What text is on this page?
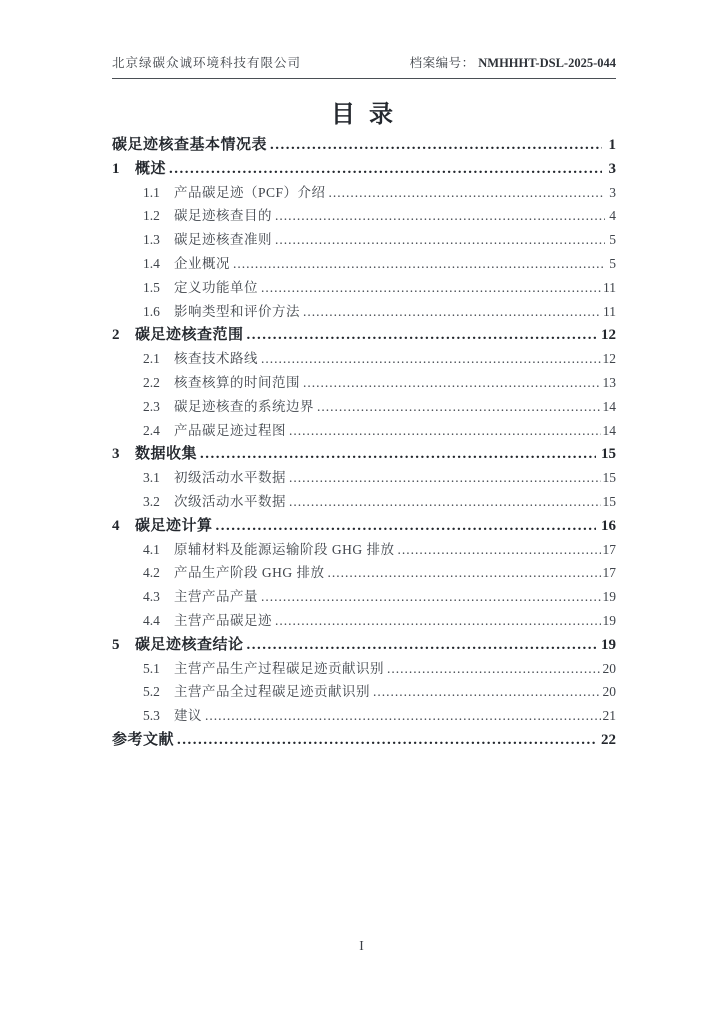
北京绿碳众诚环境科技有限公司	档案编号： NMHHHT-DSL-2025-044
目 录
碳足迹核查基本情况表 .....	1
1	概述 .....	3
1.1	产品碳足迹（PCF）介绍 .....	3
1.2	碳足迹核查目的 .....	4
1.3	碳足迹核查准则 .....	5
1.4	企业概况 .....	5
1.5	定义功能单位 .....	11
1.6	影响类型和评价方法 .....	11
2	碳足迹核查范围 .....	12
2.1	核查技术路线 .....	12
2.2	核查核算的时间范围 .....	13
2.3	碳足迹核查的系统边界 .....	14
2.4	产品碳足迹过程图 .....	14
3	数据收集 .....	15
3.1	初级活动水平数据 .....	15
3.2	次级活动水平数据 .....	15
4	碳足迹计算 .....	16
4.1	原辅材料及能源运输阶段 GHG 排放 .....	17
4.2	产品生产阶段 GHG 排放 .....	17
4.3	主营产品产量 .....	19
4.4	主营产品碳足迹 .....	19
5	碳足迹核查结论 .....	19
5.1	主营产品生产过程碳足迹贡献识别 .....	20
5.2	主营产品全过程碳足迹贡献识别 .....	20
5.3	建议 .....	21
参考文献 .....	22
I
